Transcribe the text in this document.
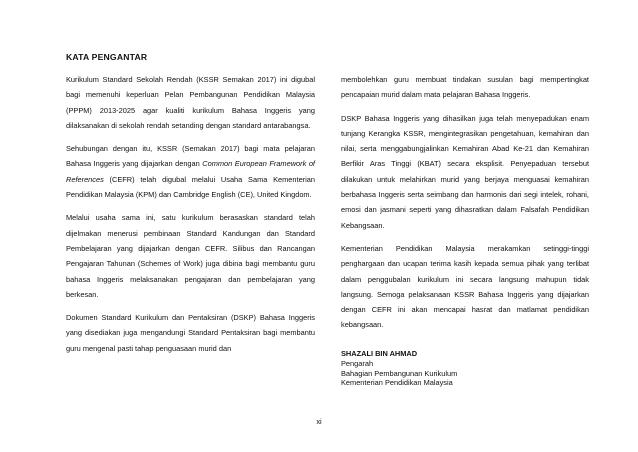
KATA PENGANTAR

Kurikulum Standard Sekolah Rendah (KSSR Semakan 2017) ini digubal bagi memenuhi keperluan Pelan Pembangunan Pendidikan Malaysia (PPPM) 2013-2025 agar kualiti kurikulum Bahasa Inggeris yang dilaksanakan di sekolah rendah setanding dengan standard antarabangsa.

Sehubungan dengan itu, KSSR (Semakan 2017) bagi mata pelajaran Bahasa Inggeris yang dijajarkan dengan Common European Framework of References (CEFR) telah digubal melalui Usaha Sama Kementerian Pendidikan Malaysia (KPM) dan Cambridge English (CE), United Kingdom.

Melalui usaha sama ini, satu kurikulum berasaskan standard telah dijelmakan menerusi pembinaan Standard Kandungan dan Standard Pembelajaran yang dijajarkan dengan CEFR. Silibus dan Rancangan Pengajaran Tahunan (Schemes of Work) juga dibina bagi membantu guru bahasa Inggeris melaksanakan pengajaran dan pembelajaran yang berkesan.

Dokumen Standard Kurikulum dan Pentaksiran (DSKP) Bahasa Inggeris yang disediakan juga mengandungi Standard Pentaksiran bagi membantu guru mengenal pasti tahap penguasaan murid dan

membolehkan guru membuat tindakan susulan bagi mempertingkat pencapaian murid dalam mata pelajaran Bahasa Inggeris.

DSKP Bahasa Inggeris yang dihasilkan juga telah menyepadukan enam tunjang Kerangka KSSR, mengintegrasikan pengetahuan, kemahiran dan nilai, serta menggabungjalinkan Kemahiran Abad Ke-21 dan Kemahiran Berfikir Aras Tinggi (KBAT) secara eksplisit. Penyepaduan tersebut dilakukan untuk melahirkan murid yang berjaya menguasai kemahiran berbahasa Inggeris serta seimbang dan harmonis dari segi intelek, rohani, emosi dan jasmani seperti yang dihasratkan dalam Falsafah Pendidikan Kebangsaan.

Kementerian Pendidikan Malaysia merakamkan setinggi-tinggi penghargaan dan ucapan terima kasih kepada semua pihak yang terlibat dalam penggubalan kurikulum ini secara langsung mahupun tidak langsung. Semoga pelaksanaan KSSR Bahasa Inggeris yang dijajarkan dengan CEFR ini akan mencapai hasrat dan matlamat pendidikan kebangsaan.

SHAZALI BIN AHMAD
Pengarah
Bahagian Pembangunan Kurikulum
Kementerian Pendidikan Malaysia
xi
